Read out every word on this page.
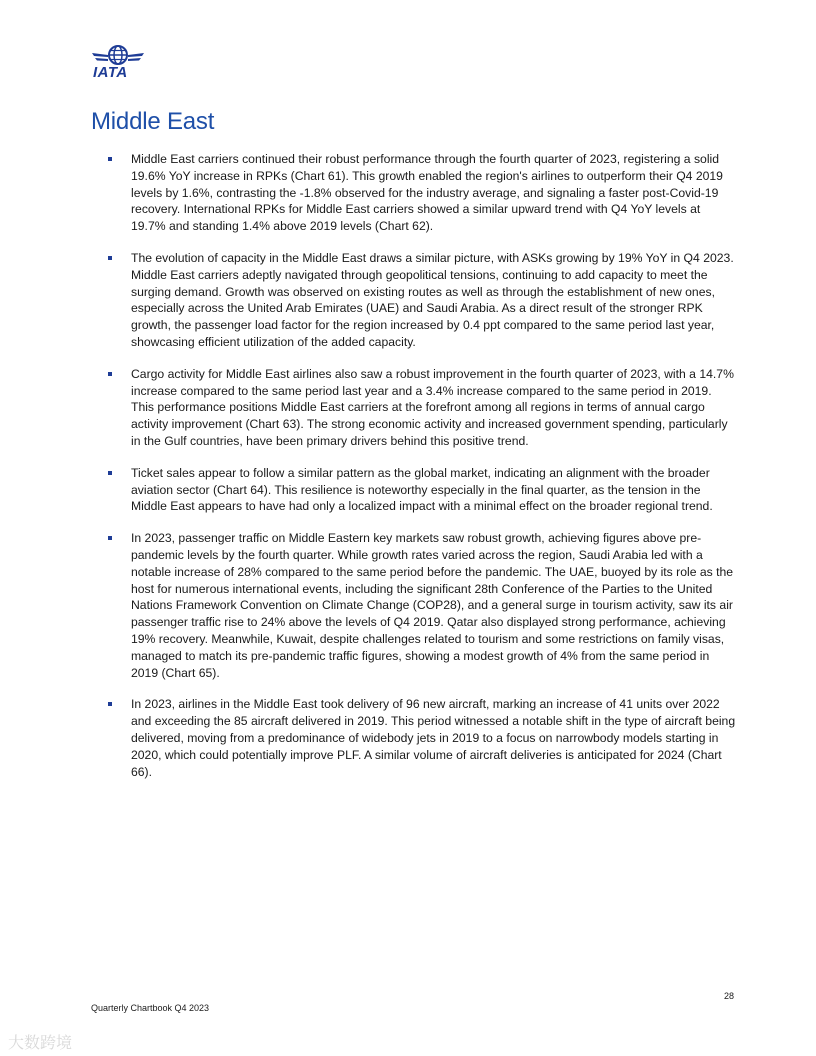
IATA
Middle East
Middle East carriers continued their robust performance through the fourth quarter of 2023, registering a solid 19.6% YoY increase in RPKs (Chart 61). This growth enabled the region's airlines to outperform their Q4 2019 levels by 1.6%, contrasting the -1.8% observed for the industry average, and signaling a faster post-Covid-19 recovery. International RPKs for Middle East carriers showed a similar upward trend with Q4 YoY levels at 19.7% and standing 1.4% above 2019 levels (Chart 62).
The evolution of capacity in the Middle East draws a similar picture, with ASKs growing by 19% YoY in Q4 2023. Middle East carriers adeptly navigated through geopolitical tensions, continuing to add capacity to meet the surging demand. Growth was observed on existing routes as well as through the establishment of new ones, especially across the United Arab Emirates (UAE) and Saudi Arabia. As a direct result of the stronger RPK growth, the passenger load factor for the region increased by 0.4 ppt compared to the same period last year, showcasing efficient utilization of the added capacity.
Cargo activity for Middle East airlines also saw a robust improvement in the fourth quarter of 2023, with a 14.7% increase compared to the same period last year and a 3.4% increase compared to the same period in 2019. This performance positions Middle East carriers at the forefront among all regions in terms of annual cargo activity improvement (Chart 63). The strong economic activity and increased government spending, particularly in the Gulf countries, have been primary drivers behind this positive trend.
Ticket sales appear to follow a similar pattern as the global market, indicating an alignment with the broader aviation sector (Chart 64). This resilience is noteworthy especially in the final quarter, as the tension in the Middle East appears to have had only a localized impact with a minimal effect on the broader regional trend.
In 2023, passenger traffic on Middle Eastern key markets saw robust growth, achieving figures above pre-pandemic levels by the fourth quarter. While growth rates varied across the region, Saudi Arabia led with a notable increase of 28% compared to the same period before the pandemic. The UAE, buoyed by its role as the host for numerous international events, including the significant 28th Conference of the Parties to the United Nations Framework Convention on Climate Change (COP28), and a general surge in tourism activity, saw its air passenger traffic rise to 24% above the levels of Q4 2019. Qatar also displayed strong performance, achieving 19% recovery. Meanwhile, Kuwait, despite challenges related to tourism and some restrictions on family visas, managed to match its pre-pandemic traffic figures, showing a modest growth of 4% from the same period in 2019 (Chart 65).
In 2023, airlines in the Middle East took delivery of 96 new aircraft, marking an increase of 41 units over 2022 and exceeding the 85 aircraft delivered in 2019. This period witnessed a notable shift in the type of aircraft being delivered, moving from a predominance of widebody jets in 2019 to a focus on narrowbody models starting in 2020, which could potentially improve PLF. A similar volume of aircraft deliveries is anticipated for 2024 (Chart 66).
28
Quarterly Chartbook Q4 2023
大数跨境
